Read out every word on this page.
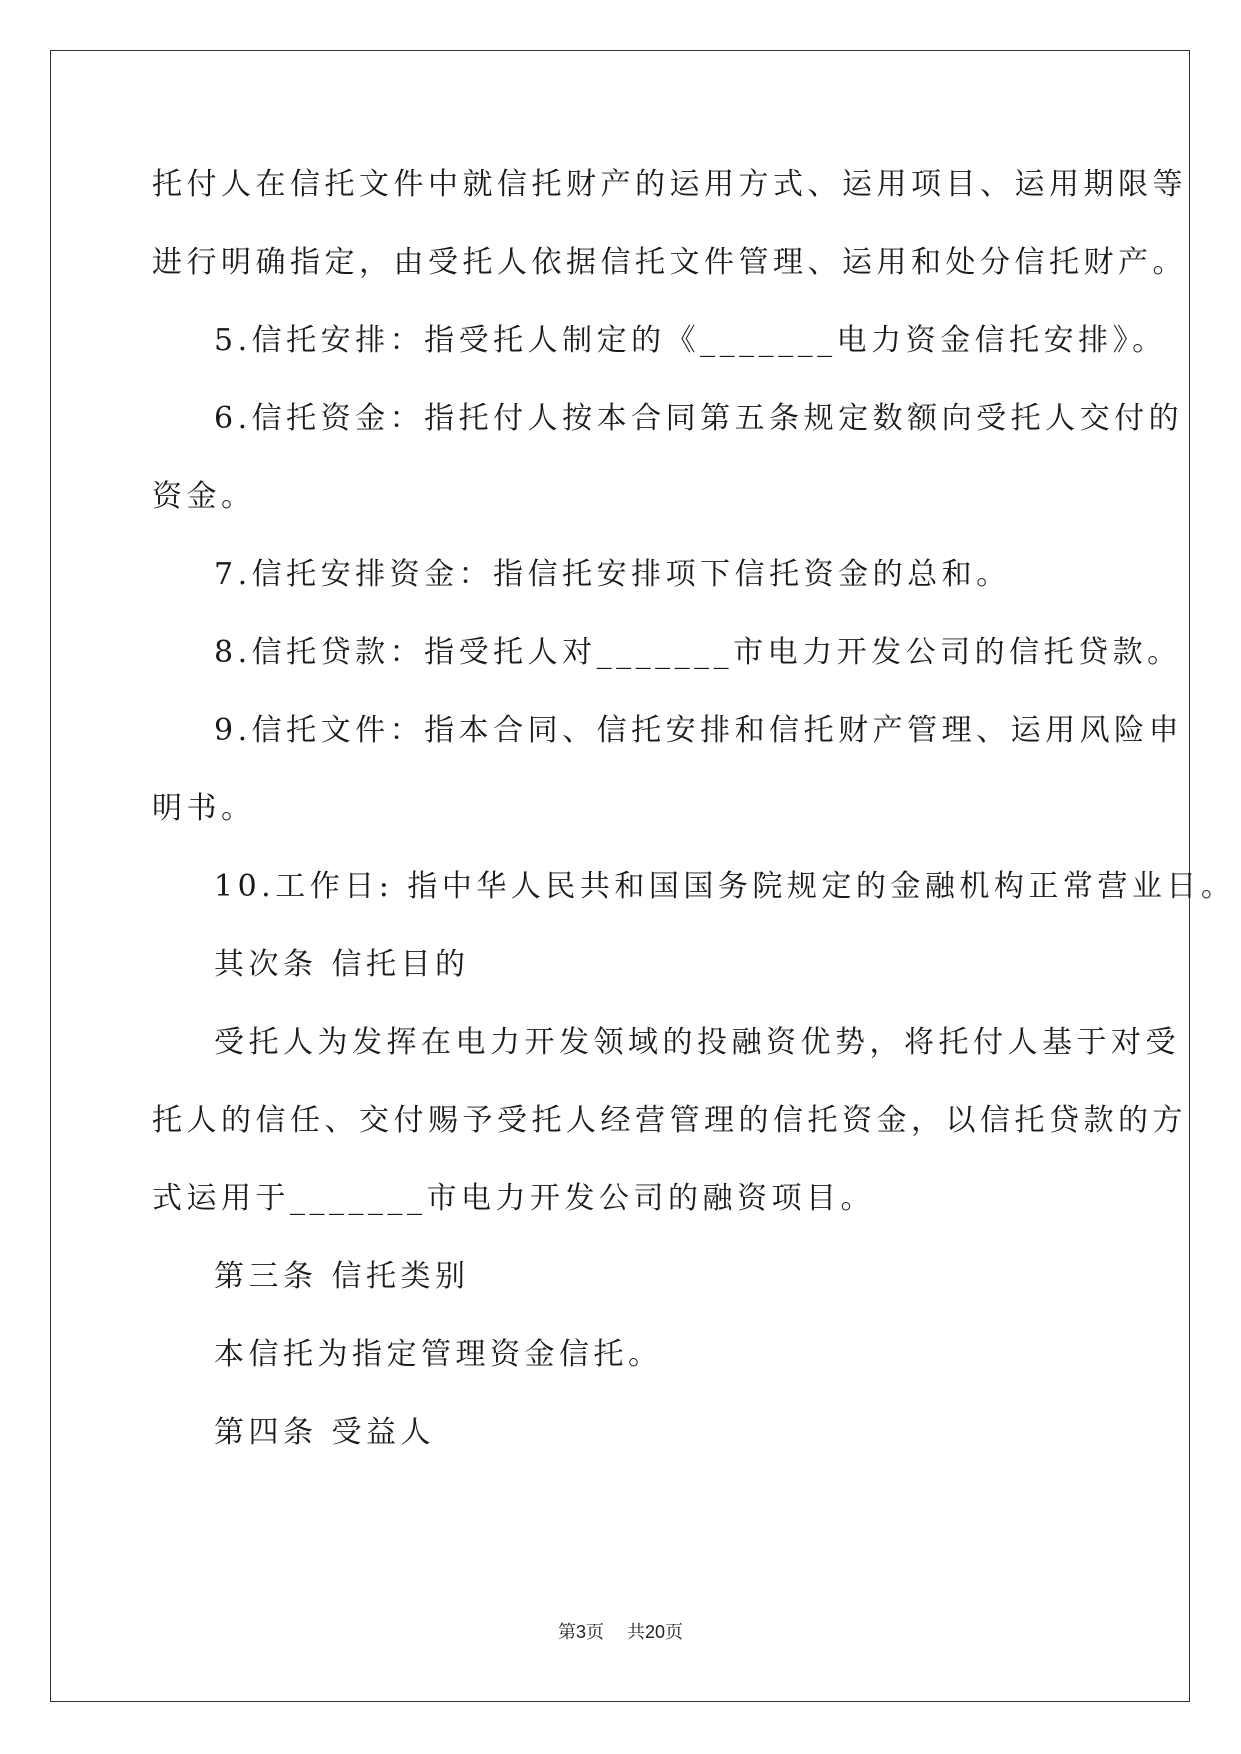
托付人在信托文件中就信托财产的运用方式、运用项目、运用期限等
进行明确指定，由受托人依据信托文件管理、运用和处分信托财产。
5.信托安排：指受托人制定的《_______电力资金信托安排》。
6.信托资金：指托付人按本合同第五条规定数额向受托人交付的
资金。
7.信托安排资金：指信托安排项下信托资金的总和。
8.信托贷款：指受托人对_______市电力开发公司的信托贷款。
9.信托文件：指本合同、信托安排和信托财产管理、运用风险申
明书。
10.工作日: 指中华人民共和国国务院规定的金融机构正常营业日。
其次条 信托目的
受托人为发挥在电力开发领域的投融资优势，将托付人基于对受
托人的信任、交付赐予受托人经营管理的信托资金，以信托贷款的方
式运用于_______市电力开发公司的融资项目。
第三条 信托类别
本信托为指定管理资金信托。
第四条 受益人
第3页 共20页
